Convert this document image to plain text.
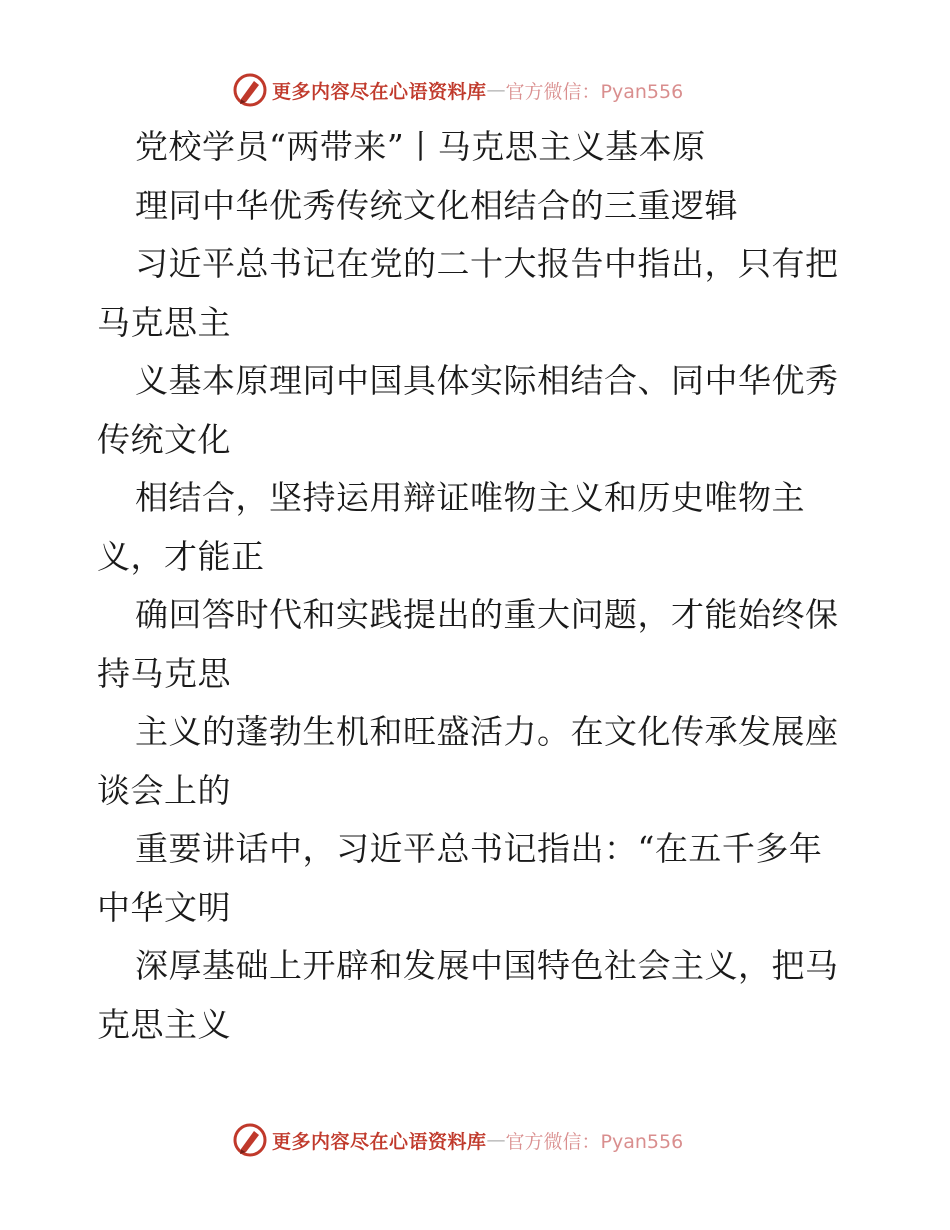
更多内容尽在心语资料库 — 官方微信：Pyan556
党校学员“两带来”丨马克思主义基本原
理同中华优秀传统文化相结合的三重逻辑
习近平总书记在党的二十大报告中指出，只有把
马克思主
义基本原理同中国具体实际相结合、同中华优秀
传统文化
相结合，坚持运用辩证唯物主义和历史唯物主
义，才能正
确回答时代和实践提出的重大问题，才能始终保
持马克思
主义的蓬勃生机和旺盛活力。在文化传承发展座
谈会上的
重要讲话中，习近平总书记指出：“在五千多年
中华文明
深厚基础上开辟和发展中国特色社会主义，把马
克思主义
更多内容尽在心语资料库 — 官方微信：Pyan556
